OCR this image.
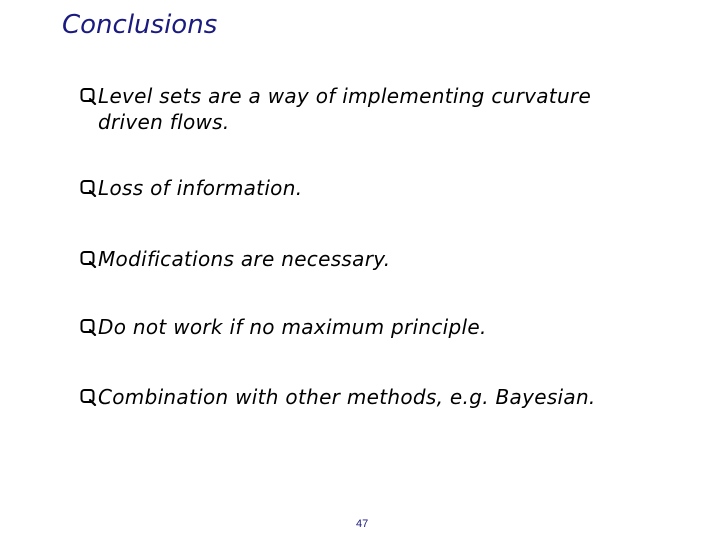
Conclusions
Level sets are a way of implementing curvature
driven flows.
Loss of information.
Modifications are necessary.
Do not work if no maximum principle.
Combination with other methods, e.g. Bayesian.
47
